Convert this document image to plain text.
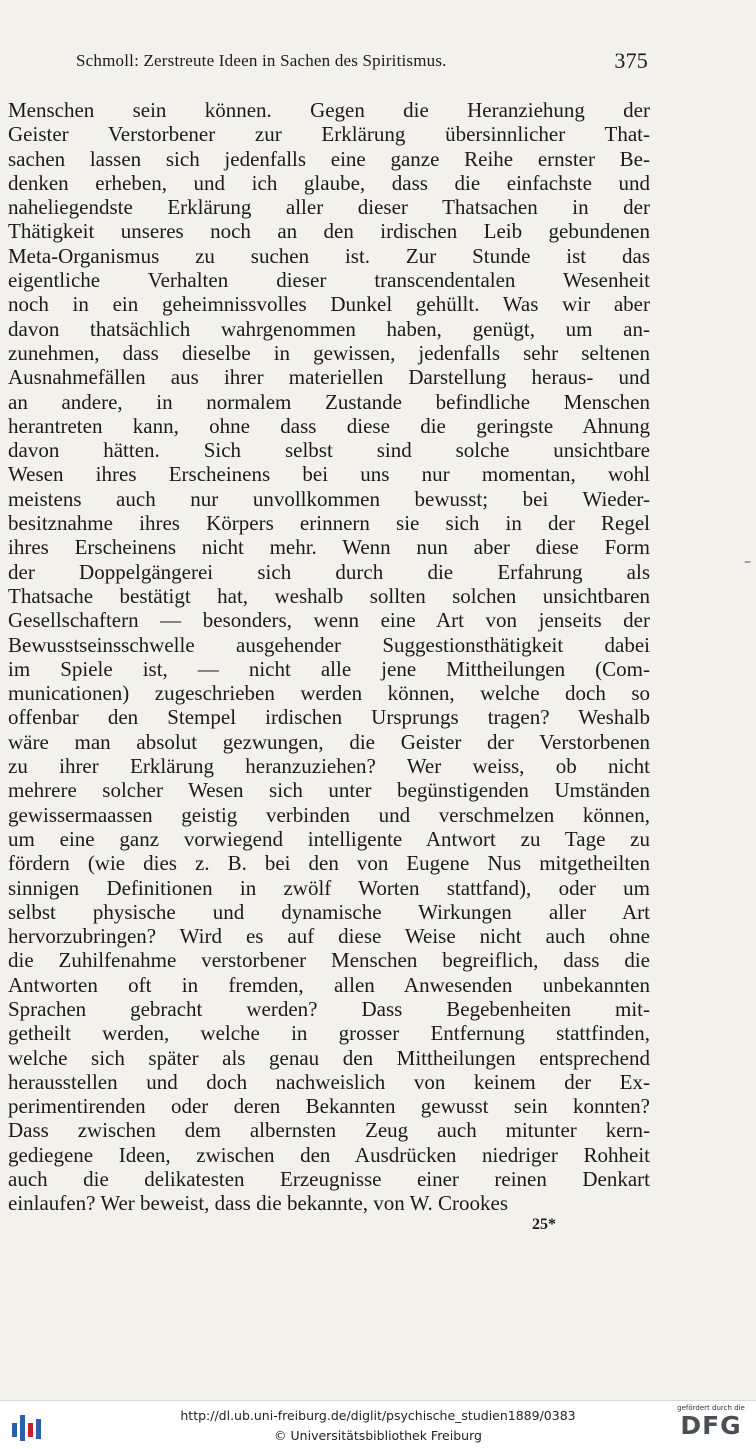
Schmoll: Zerstreute Ideen in Sachen des Spiritismus.	375
Menschen sein können. Gegen die Heranziehung der
Geister Verstorbener zur Erklärung übersinnlicher That-
sachen lassen sich jedenfalls eine ganze Reihe ernster Be-
denken erheben, und ich glaube, dass die einfachste und
naheliegendste Erklärung aller dieser Thatsachen in der
Thätigkeit unseres noch an den irdischen Leib gebundenen
Meta-Organismus zu suchen ist. Zur Stunde ist das
eigentliche Verhalten dieser transcendentalen Wesenheit
noch in ein geheimnissvolles Dunkel gehüllt. Was wir aber
davon thatsächlich wahrgenommen haben, genügt, um an-
zunehmen, dass dieselbe in gewissen, jedenfalls sehr seltenen
Ausnahmefällen aus ihrer materiellen Darstellung heraus- und
an andere, in normalem Zustande befindliche Menschen
herantreten kann, ohne dass diese die geringste Ahnung
davon hätten. Sich selbst sind solche unsichtbare
Wesen ihres Erscheinens bei uns nur momentan, wohl
meistens auch nur unvollkommen bewusst; bei Wieder-
besitznahme ihres Körpers erinnern sie sich in der Regel
ihres Erscheinens nicht mehr. Wenn nun aber diese Form
der Doppelgängerei sich durch die Erfahrung als
Thatsache bestätigt hat, weshalb sollten solchen unsichtbaren
Gesellschaftern — besonders, wenn eine Art von jenseits der
Bewusstseinsschwelle ausgehender Suggestionsthätigkeit dabei
im Spiele ist, — nicht alle jene Mittheilungen (Com-
municationen) zugeschrieben werden können, welche doch so
offenbar den Stempel irdischen Ursprungs tragen? Weshalb
wäre man absolut gezwungen, die Geister der Verstorbenen
zu ihrer Erklärung heranzuziehen? Wer weiss, ob nicht
mehrere solcher Wesen sich unter begünstigenden Umständen
gewissermaassen geistig verbinden und verschmelzen können,
um eine ganz vorwiegend intelligente Antwort zu Tage zu
fördern (wie dies z. B. bei den von Eugene Nus mitgetheilten
sinnigen Definitionen in zwölf Worten stattfand), oder um
selbst physische und dynamische Wirkungen aller Art
hervorzubringen? Wird es auf diese Weise nicht auch ohne
die Zuhilfenahme verstorbener Menschen begreiflich, dass die
Antworten oft in fremden, allen Anwesenden unbekannten
Sprachen gebracht werden? Dass Begebenheiten mit-
getheilt werden, welche in grosser Entfernung stattfinden,
welche sich später als genau den Mittheilungen entsprechend
herausstellen und doch nachweislich von keinem der Ex-
perimentirenden oder deren Bekannten gewusst sein konnten?
Dass zwischen dem albernsten Zeug auch mitunter kern-
gediegene Ideen, zwischen den Ausdrücken niedriger Rohheit
auch die delikatesten Erzeugnisse einer reinen Denkart
einlaufen? Wer beweist, dass die bekannte, von W. Crookes
–
25*
http://dl.ub.uni-freiburg.de/diglit/psychische_studien1889/0383
© Universitätsbibliothek Freiburg
gefördert durch die
DFG
